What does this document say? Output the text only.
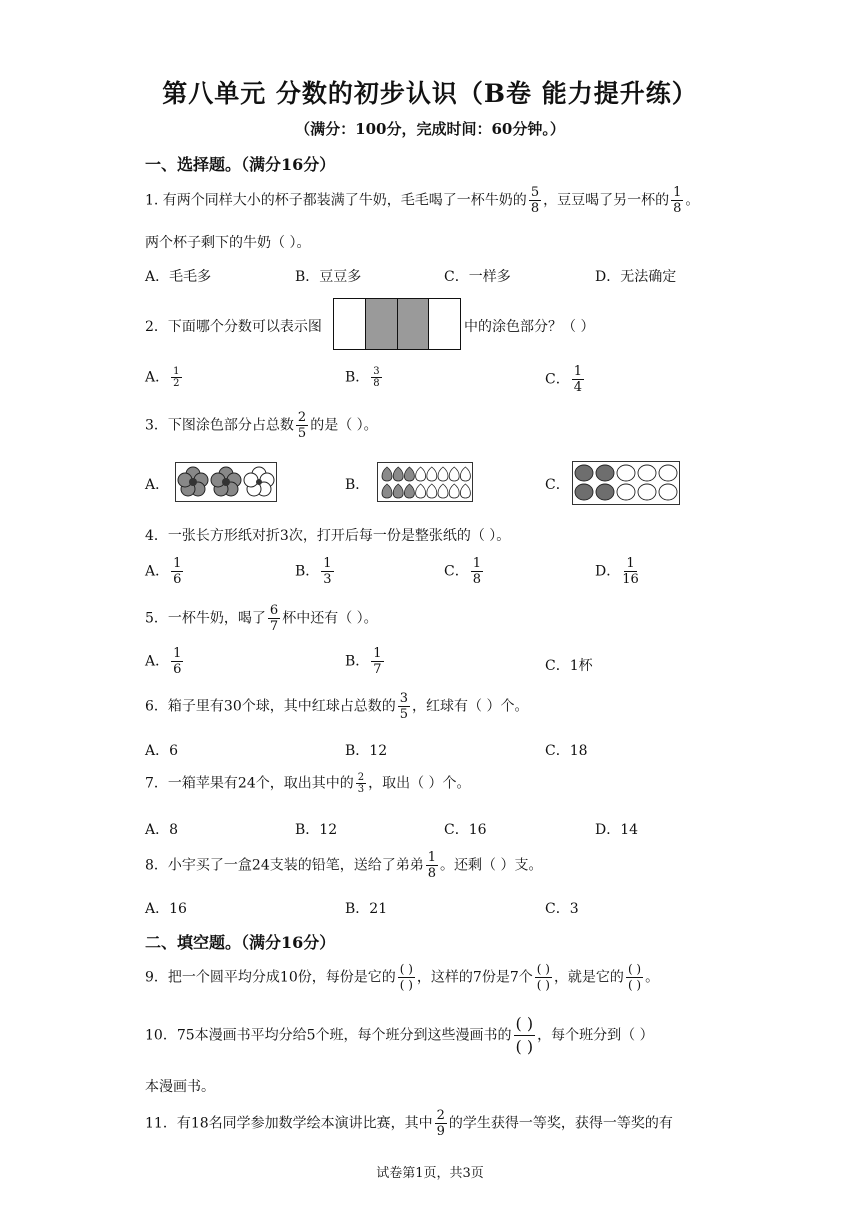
第八单元 分数的初步认识（B卷 能力提升练）
（满分：100分，完成时间：60分钟。）
一、选择题。（满分16分）
1. 有两个同样大小的杯子都装满了牛奶，毛毛喝了一杯牛奶的 $\frac{5}{8}$ ，豆豆喝了另一杯的 $\frac{1}{8}$ 。
两个杯子剩下的牛奶（ ）。
A．毛毛多	B．豆豆多	C．一样多	D．无法确定
2．下面哪个分数可以表示图	中的涂色部分？（ ）
A． $\frac{1}{2}$	B． $\frac{3}{8}$	C． $\frac{1}{4}$
3．下图涂色部分占总数 $\frac{2}{5}$ 的是（ ）。
A．	B．	C．
4．一张长方形纸对折3次，打开后每一份是整张纸的（ ）。
A． $\frac{1}{6}$	B． $\frac{1}{3}$	C． $\frac{1}{8}$	D． $\frac{1}{16}$
5．一杯牛奶，喝了 $\frac{6}{7}$ 杯中还有（ ）。
A． $\frac{1}{6}$	B． $\frac{1}{7}$	C．1杯
6．箱子里有30个球，其中红球占总数的 $\frac{3}{5}$ ，红球有（ ）个。
A．6	B．12	C．18
7．一箱苹果有24个，取出其中的 $\frac{2}{3}$ ，取出（ ）个。
A．8	B．12	C．16	D．14
8．小宇买了一盒24支装的铅笔，送给了弟弟 $\frac{1}{8}$ 。还剩（ ）支。
A．16	B．21	C．3
二、填空题。（满分16分）
9．把一个圆平均分成10份，每份是它的 $\frac{( )}{( )}$ ，这样的7份是7个 $\frac{( )}{( )}$ ，就是它的 $\frac{( )}{( )}$ 。
10．75本漫画书平均分给5个班，每个班分到这些漫画书的
( )
( )
，每个班分到（ ）
本漫画书。
11．有18名同学参加数学绘本演讲比赛，其中 $\frac{2}{9}$ 的学生获得一等奖，获得一等奖的有
试卷第1页，共3页
